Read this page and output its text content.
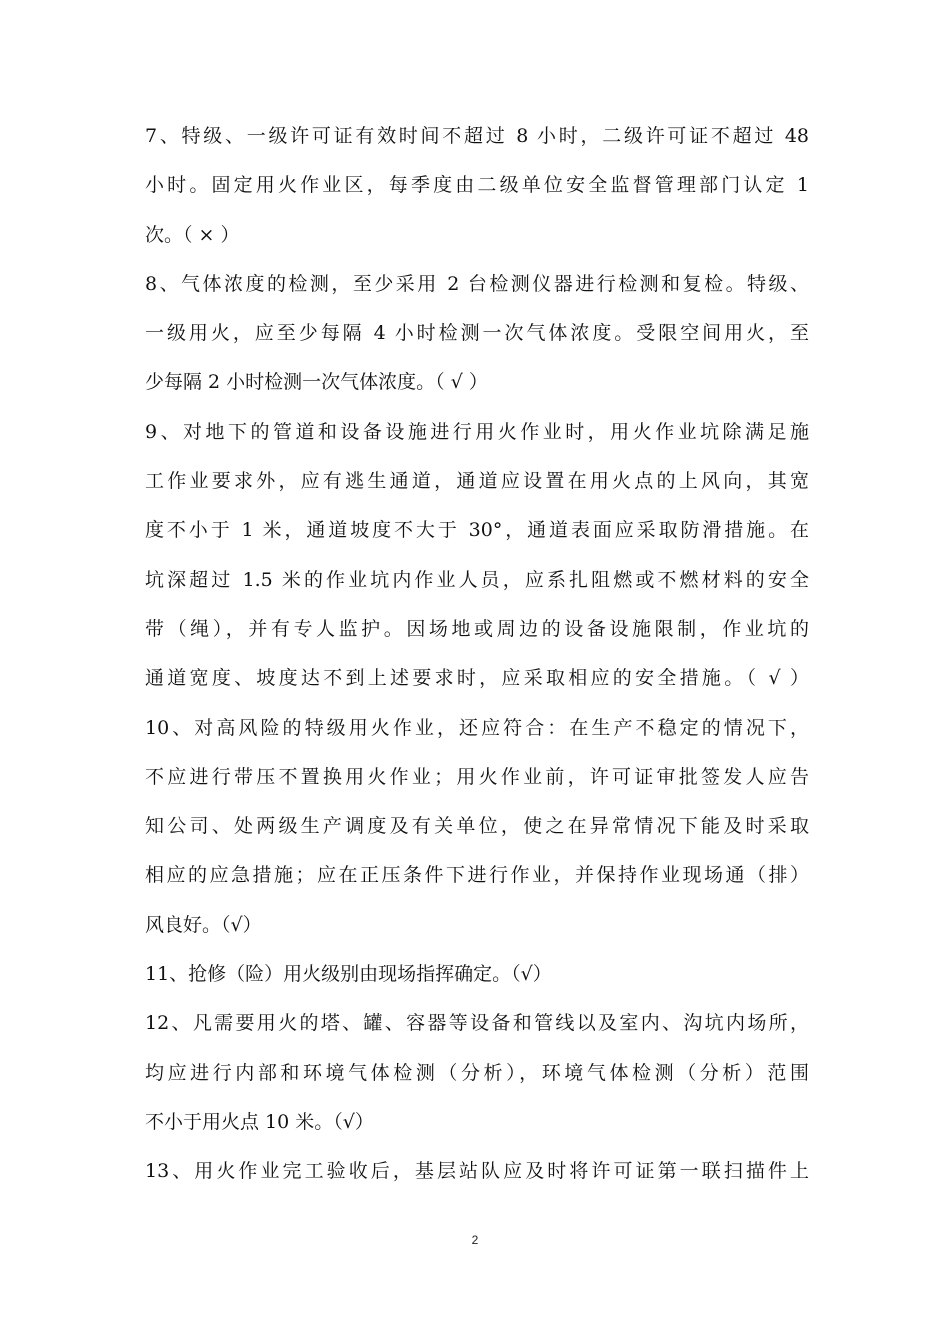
7、特级、一级许可证有效时间不超过 8 小时，二级许可证不超过 48
小时。固定用火作业区，每季度由二级单位安全监督管理部门认定 1
次。（ × ）
8、气体浓度的检测，至少采用 2 台检测仪器进行检测和复检。特级、
一级用火，应至少每隔 4 小时检测一次气体浓度。受限空间用火，至
少每隔 2 小时检测一次气体浓度。（ √ ）
9、对地下的管道和设备设施进行用火作业时，用火作业坑除满足施
工作业要求外，应有逃生通道，通道应设置在用火点的上风向，其宽
度不小于 1 米，通道坡度不大于 30°，通道表面应采取防滑措施。在
坑深超过 1.5 米的作业坑内作业人员，应系扎阻燃或不燃材料的安全
带（绳），并有专人监护。因场地或周边的设备设施限制，作业坑的
通道宽度、坡度达不到上述要求时，应采取相应的安全措施。（ √ ）
10、对高风险的特级用火作业，还应符合：在生产不稳定的情况下，
不应进行带压不置换用火作业；用火作业前，许可证审批签发人应告
知公司、处两级生产调度及有关单位，使之在异常情况下能及时采取
相应的应急措施；应在正压条件下进行作业，并保持作业现场通（排）
风良好。（√）
11、抢修（险）用火级别由现场指挥确定。（√）
12、凡需要用火的塔、罐、容器等设备和管线以及室内、沟坑内场所，
均应进行内部和环境气体检测（分析），环境气体检测（分析）范围
不小于用火点 10 米。（√）
13、用火作业完工验收后，基层站队应及时将许可证第一联扫描件上
2
